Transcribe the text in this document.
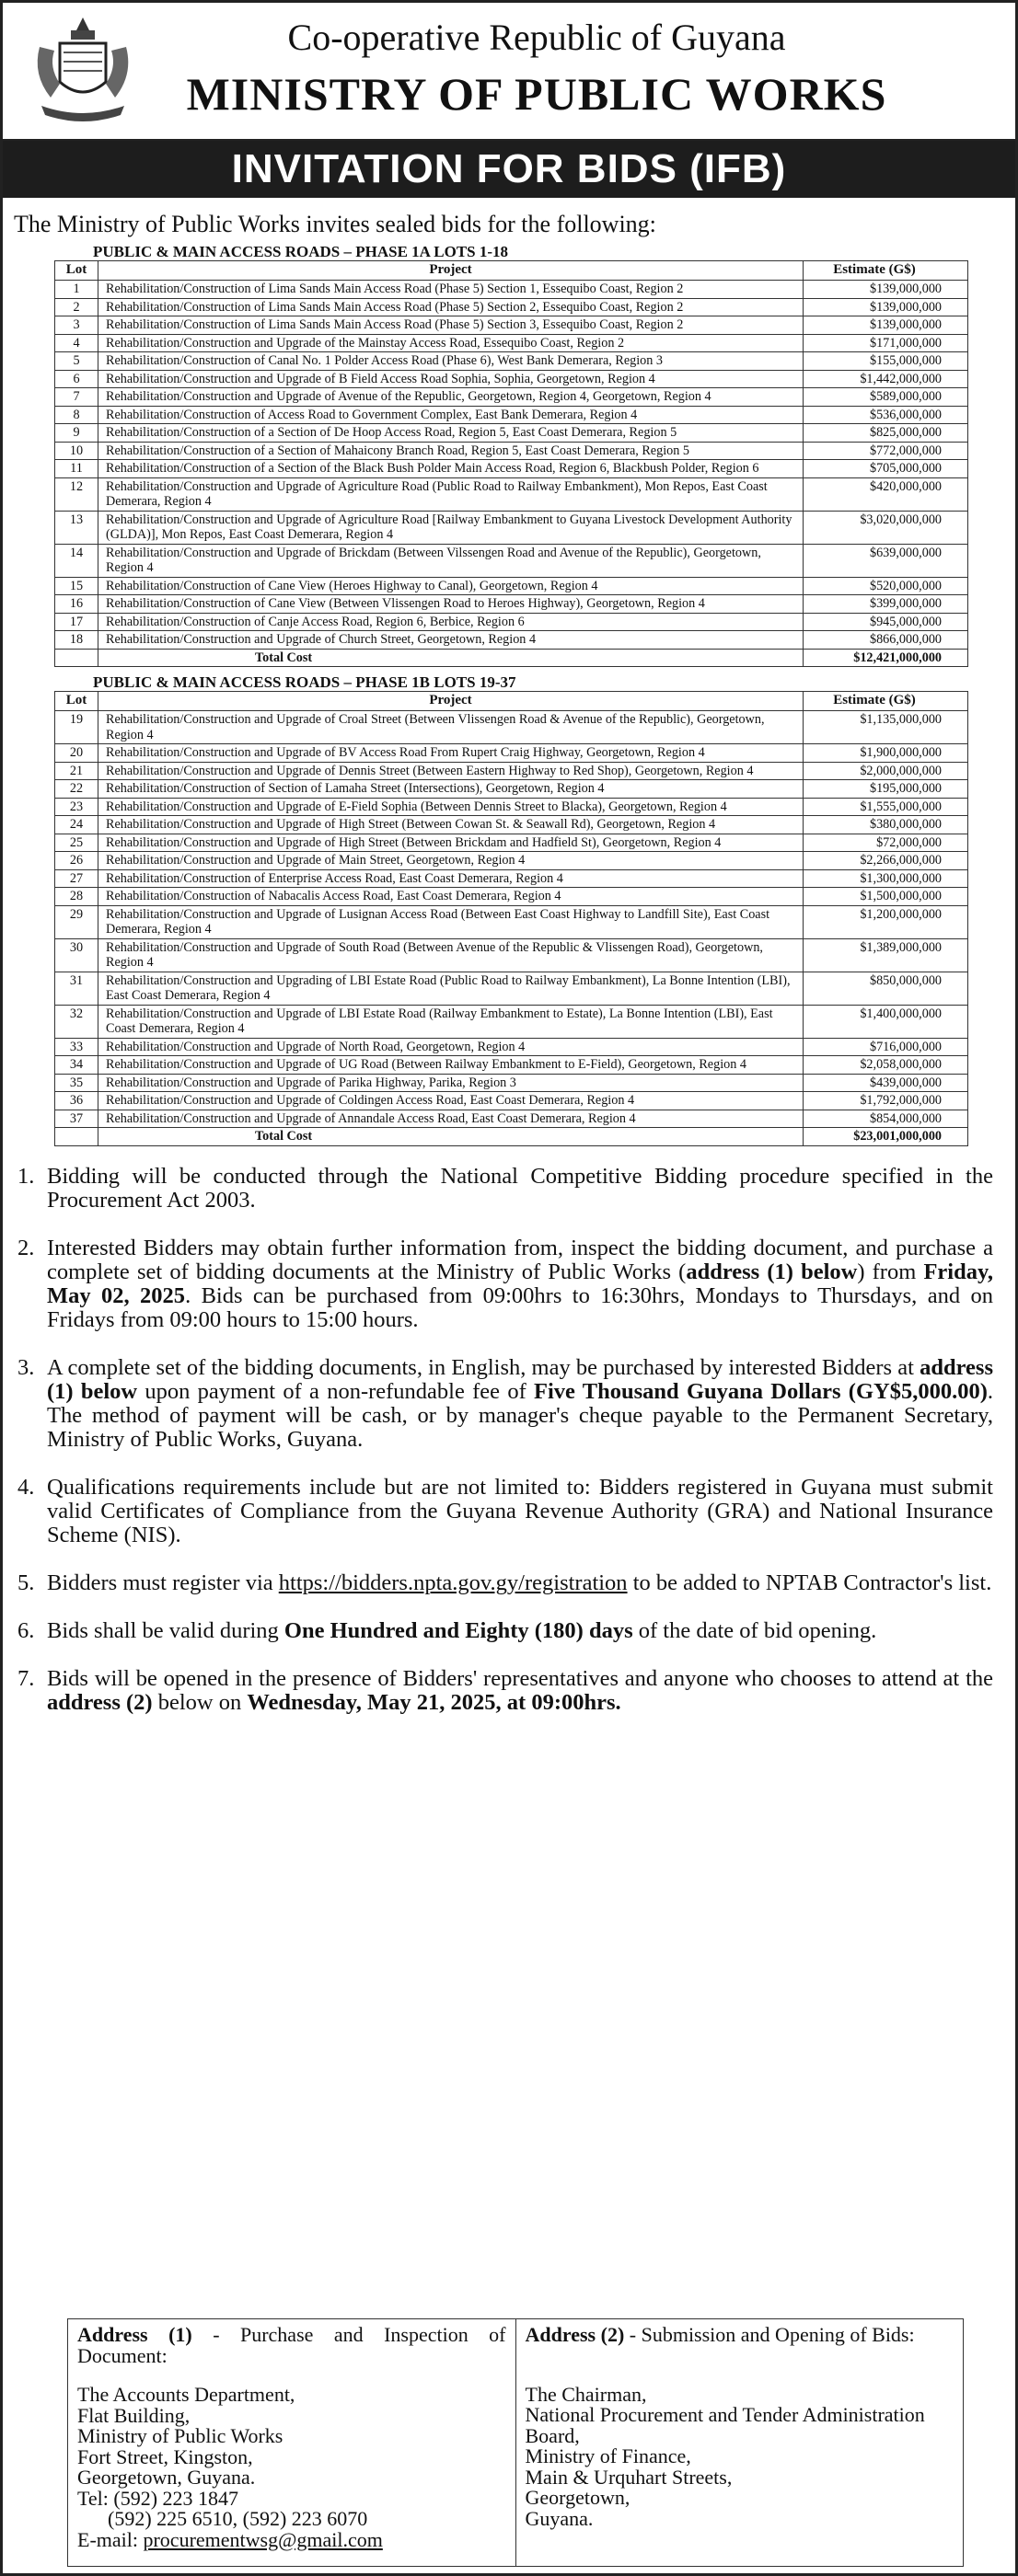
Co-operative Republic of Guyana
MINISTRY OF PUBLIC WORKS
INVITATION FOR BIDS (IFB)
The Ministry of Public Works invites sealed bids for the following:
PUBLIC & MAIN ACCESS ROADS – PHASE 1A LOTS 1-18
Lot	Project	Estimate (G$)
1	Rehabilitation/Construction of Lima Sands Main Access Road (Phase 5) Section 1, Essequibo Coast, Region 2	$139,000,000
2	Rehabilitation/Construction of Lima Sands Main Access Road (Phase 5) Section 2, Essequibo Coast, Region 2	$139,000,000
3	Rehabilitation/Construction of Lima Sands Main Access Road (Phase 5) Section 3, Essequibo Coast, Region 2	$139,000,000
4	Rehabilitation/Construction and Upgrade of the Mainstay Access Road, Essequibo Coast, Region 2	$171,000,000
5	Rehabilitation/Construction of Canal No. 1 Polder Access Road (Phase 6), West Bank Demerara, Region 3	$155,000,000
6	Rehabilitation/Construction and Upgrade of B Field Access Road Sophia, Sophia, Georgetown, Region 4	$1,442,000,000
7	Rehabilitation/Construction and Upgrade of Avenue of the Republic, Georgetown, Region 4, Georgetown, Region 4	$589,000,000
8	Rehabilitation/Construction of Access Road to Government Complex, East Bank Demerara, Region 4	$536,000,000
9	Rehabilitation/Construction of a Section of De Hoop Access Road, Region 5, East Coast Demerara, Region 5	$825,000,000
10	Rehabilitation/Construction of a Section of Mahaicony Branch Road, Region 5, East Coast Demerara, Region 5	$772,000,000
11	Rehabilitation/Construction of a Section of the Black Bush Polder Main Access Road, Region 6, Blackbush Polder, Region 6	$705,000,000
12	Rehabilitation/Construction and Upgrade of Agriculture Road (Public Road to Railway Embankment), Mon Repos, East Coast Demerara, Region 4	$420,000,000
13	Rehabilitation/Construction and Upgrade of Agriculture Road [Railway Embankment to Guyana Livestock Development Authority (GLDA)], Mon Repos, East Coast Demerara, Region 4	$3,020,000,000
14	Rehabilitation/Construction and Upgrade of Brickdam (Between Vilssengen Road and Avenue of the Republic), Georgetown, Region 4	$639,000,000
15	Rehabilitation/Construction of Cane View (Heroes Highway to Canal), Georgetown, Region 4	$520,000,000
16	Rehabilitation/Construction of Cane View (Between Vlissengen Road to Heroes Highway), Georgetown, Region 4	$399,000,000
17	Rehabilitation/Construction of Canje Access Road, Region 6, Berbice, Region 6	$945,000,000
18	Rehabilitation/Construction and Upgrade of Church Street, Georgetown, Region 4	$866,000,000
	Total Cost	$12,421,000,000
PUBLIC & MAIN ACCESS ROADS – PHASE 1B LOTS 19-37
Lot	Project	Estimate (G$)
19	Rehabilitation/Construction and Upgrade of Croal Street (Between Vlissengen Road & Avenue of the Republic), Georgetown, Region 4	$1,135,000,000
20	Rehabilitation/Construction and Upgrade of BV Access Road From Rupert Craig Highway, Georgetown, Region 4	$1,900,000,000
21	Rehabilitation/Construction and Upgrade of Dennis Street (Between Eastern Highway to Red Shop), Georgetown, Region 4	$2,000,000,000
22	Rehabilitation/Construction of Section of Lamaha Street (Intersections), Georgetown, Region 4	$195,000,000
23	Rehabilitation/Construction and Upgrade of E-Field Sophia (Between Dennis Street to Blacka), Georgetown, Region 4	$1,555,000,000
24	Rehabilitation/Construction and Upgrade of High Street (Between Cowan St. & Seawall Rd), Georgetown, Region 4	$380,000,000
25	Rehabilitation/Construction and Upgrade of High Street (Between Brickdam and Hadfield St), Georgetown, Region 4	$72,000,000
26	Rehabilitation/Construction and Upgrade of Main Street, Georgetown, Region 4	$2,266,000,000
27	Rehabilitation/Construction of Enterprise Access Road, East Coast Demerara, Region 4	$1,300,000,000
28	Rehabilitation/Construction of Nabacalis Access Road, East Coast Demerara, Region 4	$1,500,000,000
29	Rehabilitation/Construction and Upgrade of Lusignan Access Road (Between East Coast Highway to Landfill Site), East Coast Demerara, Region 4	$1,200,000,000
30	Rehabilitation/Construction and Upgrade of South Road (Between Avenue of the Republic & Vlissengen Road), Georgetown, Region 4	$1,389,000,000
31	Rehabilitation/Construction and Upgrading of LBI Estate Road (Public Road to Railway Embankment), La Bonne Intention (LBI), East Coast Demerara, Region 4	$850,000,000
32	Rehabilitation/Construction and Upgrade of LBI Estate Road (Railway Embankment to Estate), La Bonne Intention (LBI), East Coast Demerara, Region 4	$1,400,000,000
33	Rehabilitation/Construction and Upgrade of North Road, Georgetown, Region 4	$716,000,000
34	Rehabilitation/Construction and Upgrade of UG Road (Between Railway Embankment to E-Field), Georgetown, Region 4	$2,058,000,000
35	Rehabilitation/Construction and Upgrade of Parika Highway, Parika, Region 3	$439,000,000
36	Rehabilitation/Construction and Upgrade of Coldingen Access Road, East Coast Demerara, Region 4	$1,792,000,000
37	Rehabilitation/Construction and Upgrade of Annandale Access Road, East Coast Demerara, Region 4	$854,000,000
	Total Cost	$23,001,000,000
1. Bidding will be conducted through the National Competitive Bidding procedure specified in the Procurement Act 2003.
2. Interested Bidders may obtain further information from, inspect the bidding document, and purchase a complete set of bidding documents at the Ministry of Public Works (address (1) below) from Friday, May 02, 2025. Bids can be purchased from 09:00hrs to 16:30hrs, Mondays to Thursdays, and on Fridays from 09:00 hours to 15:00 hours.
3. A complete set of the bidding documents, in English, may be purchased by interested Bidders at address (1) below upon payment of a non-refundable fee of Five Thousand Guyana Dollars (GY$5,000.00). The method of payment will be cash, or by manager's cheque payable to the Permanent Secretary, Ministry of Public Works, Guyana.
4. Qualifications requirements include but are not limited to: Bidders registered in Guyana must submit valid Certificates of Compliance from the Guyana Revenue Authority (GRA) and National Insurance Scheme (NIS).
5. Bidders must register via https://bidders.npta.gov.gy/registration to be added to NPTAB Contractor's list.
6. Bids shall be valid during One Hundred and Eighty (180) days of the date of bid opening.
7. Bids will be opened in the presence of Bidders' representatives and anyone who chooses to attend at the address (2) below on Wednesday, May 21, 2025, at 09:00hrs.
Address (1) - Purchase and Inspection of Document:
The Accounts Department,
Flat Building,
Ministry of Public Works
Fort Street, Kingston,
Georgetown, Guyana.
Tel: (592) 223 1847
(592) 225 6510, (592) 223 6070
E-mail: procurementwsg@gmail.com
Address (2) - Submission and Opening of Bids:
The Chairman,
National Procurement and Tender Administration Board,
Ministry of Finance,
Main & Urquhart Streets,
Georgetown,
Guyana.
